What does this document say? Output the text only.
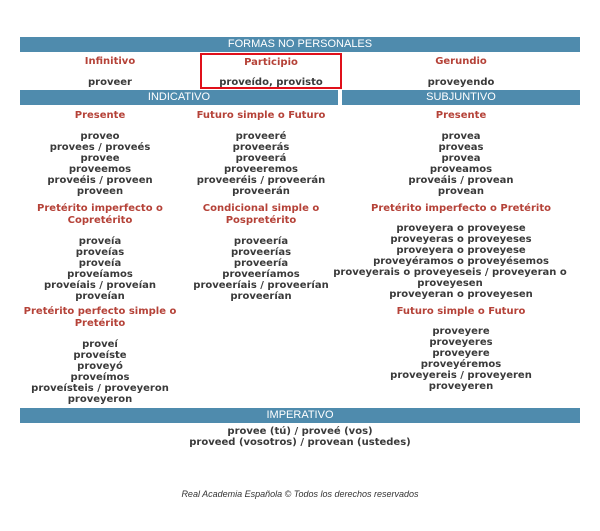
FORMAS NO PERSONALES
Infinitivo
proveer
Participio
proveído, provisto
Gerundio
proveyendo
INDICATIVO	SUBJUNTIVO
Presente
proveo
provees / proveés
provee
proveemos
proveéis / proveen
proveen
Futuro simple o Futuro
proveeré
proveerás
proveerá
proveeremos
proveeréis / proveerán
proveerán
Presente
provea
proveas
provea
proveamos
proveáis / provean
provean
Pretérito imperfecto o Copretérito
proveía
proveías
proveía
proveíamos
proveíais / proveían
proveían
Condicional simple o Pospretérito
proveería
proveerías
proveería
proveeríamos
proveeríais / proveerían
proveerían
Pretérito imperfecto o Pretérito
proveyera o proveyese
proveyeras o proveyeses
proveyera o proveyese
proveyéramos o proveyésemos
proveyerais o proveyeseis / proveyeran o proveyesen
proveyeran o proveyesen
Pretérito perfecto simple o Pretérito
proveí
proveíste
proveyó
proveímos
proveísteis / proveyeron
proveyeron
Futuro simple o Futuro
proveyere
proveyeres
proveyere
proveyéremos
proveyereis / proveyeren
proveyeren
IMPERATIVO
provee (tú) / proveé (vos)
proveed (vosotros) / provean (ustedes)
Real Academia Española © Todos los derechos reservados
